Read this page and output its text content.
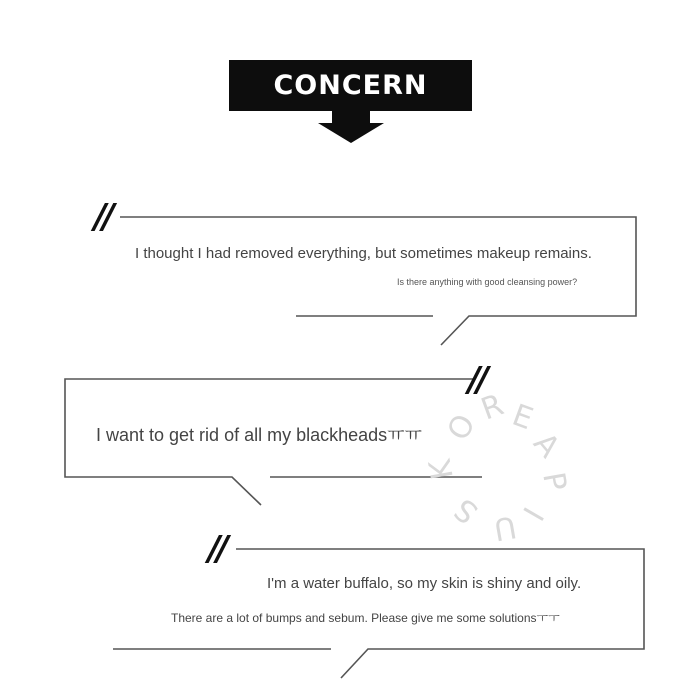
CONCERN
//
//
//
I thought I had removed everything, but sometimes makeup remains.
Is there anything with good cleansing power?
I want to get rid of all my blackheadsㅠㅠ
I'm a water buffalo, so my skin is shiny and oily.
There are a lot of bumps and sebum. Please give me some solutionsㅜㅜ
K
O
R E
A
P
I
U
S
